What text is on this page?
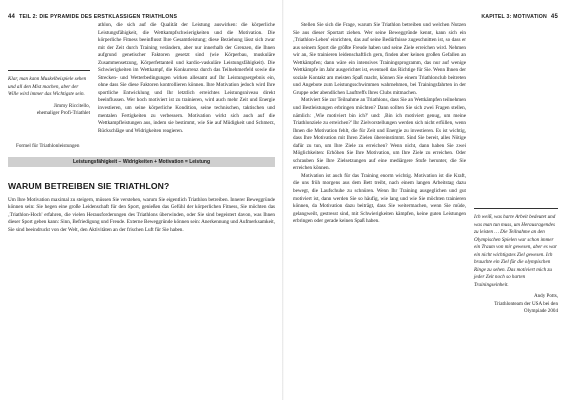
44 TEIL 2: DIE PYRAMIDE DES ERSTKLASSIGEN TRIATHLONS
Klar, man kann Muskelbeispiele sehen und all den Mist machen, aber der Wille wird immer das Wichtigste sein.
Jimmy Riccitello,
ehemaliger Profi-Triathlet

athlon, die sich auf die Qualität der Leistung auswirken: die körperliche Leistungsfähigkeit, die Wettkampfschwierigkeiten und die Motivation. Die körperliche Fitness beeinflusst Ihre Gesamtleistung; diese Beziehung lässt sich zwar mit der Zeit durch Training verändern, aber nur innerhalb der Grenzen, die Ihnen aufgrund genetischer Faktoren gesetzt sind (wie Körperbau, muskuläre Zusammensetzung, Körperfettanteil und kardio-vaskuläre Leistungsfähigkeit). Die Schwierigkeiten im Wettkampf, die Konkurrenz durch das Teilnehmerfeld sowie die Strecken- und Wetterbedingungen wirken allesamt auf Ihr Leistungsergebnis ein, ohne dass Sie diese Faktoren kontrollieren können. Ihre Motivation jedoch wird Ihre sportliche Entwicklung und Ihr letztlich erreichtes Leistungsniveau direkt beeinflussen. Wer hoch motiviert ist zu trainieren, wird auch mehr Zeit und Energie investieren, um seine körperliche Kondition, seine technischen, taktischen und mentalen Fertigkeiten zu verbessern. Motivation wirkt sich auch auf die Wettkampfleistungen aus, indem sie bestimmt, wie Sie auf Müdigkeit und Schmerz, Rückschläge und Widrigkeiten reagieren.

Formel für Triathlonleistungen
Leistungsfähigkeit − Widrigkeiten + Motivation = Leistung
WARUM BETREIBEN SIE TRIATHLON?

Um Ihre Motivation maximal zu steigern, müssen Sie verstehen, warum Sie eigentlich Triathlon betreiben. Innerer Beweggründe können sein: Sie hegen eine große Leidenschaft für den Sport, genießen das Gefühl der körperlichen Fitness, Sie möchten das ‚Triathlon-Hoch' erfahren, die vielen Herausforderungen des Triathlons überwinden, oder Sie sind begeistert davon, was Ihnen dieser Sport geben kann: Sinn, Befriedigung und Freude. Externe Beweggründe können sein: Anerkennung und Aufmerksamkeit, Sie sind beeindruckt von der Welt, den Aktivitäten an der frischen Luft für Sie haben.

KAPITEL 3: MOTIVATION 45

Stellen Sie sich die Frage, warum Sie Triathlon betreiben und welchen Nutzen Sie aus dieser Sportart ziehen. Wer seine Beweggründe kennt, kann sich ein ‚Triathlon-Leben' einrichten, das auf seine Bedürfnisse zugeschnitten ist, so dass er aus seinem Sport die größte Freude haben und seine Ziele erreichen wird. Nehmen wir an, Sie trainieren leidenschaftlich gern, finden aber keinen großen Gefallen an Wettkämpfen; dann wäre ein intensives Trainingsprogramm, das nur auf wenige Wettkämpfe im Jahr ausgerichtet ist, eventuell das Richtige für Sie. Wenn Ihnen der soziale Kontakt am meisten Spaß macht, können Sie einem Triathlonclub beitreten und Angebote zum Leistungsschwimmen wahrnehmen, bei Trainingsfahrten in der Gruppe oder abendlichen Lauftreffs Ihres Clubs mitmachen.

Motiviert Sie zur Teilnahme an Triathlons, dass Sie an Wettkämpfen teilnehmen und Bestleistungen erbringen möchten? Dann sollten Sie sich zwei Fragen stellen, nämlich: ‚Wie motiviert bin ich?' und: ‚Bin ich motiviert genug, um meine Triathlonziele zu erreichen?' Ihr Zielvorstellungen werden sich nicht erfüllen, wenn Ihnen die Motivation fehlt, die für Zeit und Energie zu investieren. Es ist wichtig, dass Ihre Motivation mit Ihren Zielen übereinstimmt. Sind Sie bereit, alles Nötige dafür zu tun, um Ihre Ziele zu erreichen? Wenn nicht, dann haben Sie zwei Möglichkeiten: Erhöhen Sie Ihre Motivation, um Ihre Ziele zu erreichen. Oder schrauben Sie Ihre Zielsetzungen auf eine mediärgere Stufe herunter, die Sie erreichen können.

Motivation ist auch für das Training enorm wichtig. Motivation ist die Kraft, die uns früh morgens aus dem Bett treibt, nach einem langen Arbeitstag dazu bewegt, die Laufschuhe zu schnüren. Wenn Ihr Training ausgeglichen und gut motiviert ist, dann werden Sie so häufig, wie lang und wie Sie möchten trainieren können, da Motivation dazu beiträgt, dass Sie weitermachen, wenn Sie müde, gelangweilt, gestresst sind, mit Schwierigkeiten kämpfen, keine guten Leistungen erbringen oder gerade keinen Spaß haben.

Ich weiß, was harte Arbeit bedeutet und was man tun muss, um Herausragendes zu leisten … Die Teilnahme an den Olympischen Spielen war schon immer ein Traum von mir gewesen, aber es war ein nicht wichtigstes Ziel gewesen. Ich brauchte ein Ziel für die olympischen Ringe zu sehen. Das motiviert mich zu jeder Zeit noch so harten Trainingseinheit.
Andy Potts,
Triathlonteam der USA bei den Olympiade 2004
